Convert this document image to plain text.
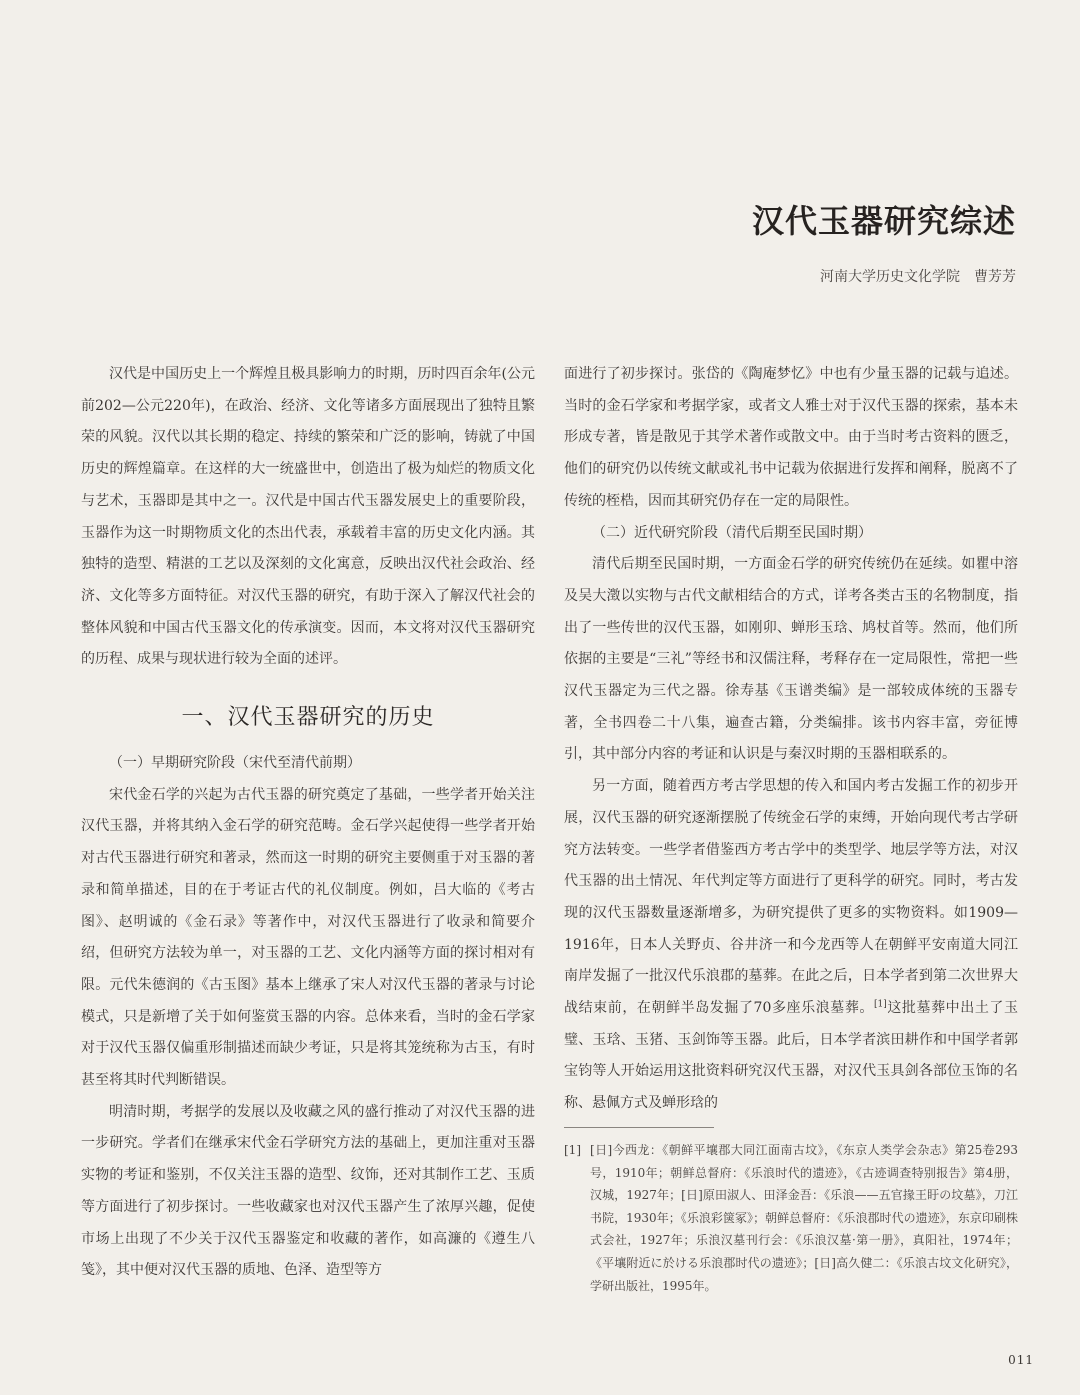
汉代玉器研究综述
河南大学历史文化学院 曹芳芳

汉代是中国历史上一个辉煌且极具影响力的时期，历时四百余年(公元前202—公元220年)，在政治、经济、文化等诸多方面展现出了独特且繁荣的风貌。汉代以其长期的稳定、持续的繁荣和广泛的影响，铸就了中国历史的辉煌篇章。在这样的大一统盛世中，创造出了极为灿烂的物质文化与艺术，玉器即是其中之一。汉代是中国古代玉器发展史上的重要阶段，玉器作为这一时期物质文化的杰出代表，承载着丰富的历史文化内涵。其独特的造型、精湛的工艺以及深刻的文化寓意，反映出汉代社会政治、经济、文化等多方面特征。对汉代玉器的研究，有助于深入了解汉代社会的整体风貌和中国古代玉器文化的传承演变。因而，本文将对汉代玉器研究的历程、成果与现状进行较为全面的述评。

一、汉代玉器研究的历史

（一）早期研究阶段（宋代至清代前期）

宋代金石学的兴起为古代玉器的研究奠定了基础，一些学者开始关注汉代玉器，并将其纳入金石学的研究范畴。金石学兴起使得一些学者开始对古代玉器进行研究和著录，然而这一时期的研究主要侧重于对玉器的著录和简单描述，目的在于考证古代的礼仪制度。例如，吕大临的《考古图》、赵明诚的《金石录》等著作中，对汉代玉器进行了收录和简要介绍，但研究方法较为单一，对玉器的工艺、文化内涵等方面的探讨相对有限。元代朱德润的《古玉图》基本上继承了宋人对汉代玉器的著录与讨论模式，只是新增了关于如何鉴赏玉器的内容。总体来看，当时的金石学家对于汉代玉器仅偏重形制描述而缺少考证，只是将其笼统称为古玉，有时甚至将其时代判断错误。

明清时期，考据学的发展以及收藏之风的盛行推动了对汉代玉器的进一步研究。学者们在继承宋代金石学研究方法的基础上，更加注重对玉器实物的考证和鉴别，不仅关注玉器的造型、纹饰，还对其制作工艺、玉质等方面进行了初步探讨。一些收藏家也对汉代玉器产生了浓厚兴趣，促使市场上出现了不少关于汉代玉器鉴定和收藏的著作，如高濂的《遵生八笺》，其中便对汉代玉器的质地、色泽、造型等方

面进行了初步探讨。张岱的《陶庵梦忆》中也有少量玉器的记载与追述。当时的金石学家和考据学家，或者文人雅士对于汉代玉器的探索，基本未形成专著，皆是散见于其学术著作或散文中。由于当时考古资料的匮乏，他们的研究仍以传统文献或礼书中记载为依据进行发挥和阐释，脱离不了传统的桎梏，因而其研究仍存在一定的局限性。

（二）近代研究阶段（清代后期至民国时期）

清代后期至民国时期，一方面金石学的研究传统仍在延续。如瞿中溶及吴大澂以实物与古代文献相结合的方式，详考各类古玉的名物制度，指出了一些传世的汉代玉器，如刚卯、蝉形玉琀、鸠杖首等。然而，他们所依据的主要是“三礼”等经书和汉儒注释，考释存在一定局限性，常把一些汉代玉器定为三代之器。徐寿基《玉谱类编》是一部较成体统的玉器专著，全书四卷二十八集，遍查古籍，分类编排。该书内容丰富，旁征博引，其中部分内容的考证和认识是与秦汉时期的玉器相联系的。

另一方面，随着西方考古学思想的传入和国内考古发掘工作的初步开展，汉代玉器的研究逐渐摆脱了传统金石学的束缚，开始向现代考古学研究方法转变。一些学者借鉴西方考古学中的类型学、地层学等方法，对汉代玉器的出土情况、年代判定等方面进行了更科学的研究。同时，考古发现的汉代玉器数量逐渐增多，为研究提供了更多的实物资料。如1909—1916年，日本人关野贞、谷井济一和今龙西等人在朝鲜平安南道大同江南岸发掘了一批汉代乐浪郡的墓葬。在此之后，日本学者到第二次世界大战结束前，在朝鲜半岛发掘了70多座乐浪墓葬。[1]这批墓葬中出土了玉璧、玉琀、玉猪、玉剑饰等玉器。此后，日本学者滨田耕作和中国学者郭宝钧等人开始运用这批资料研究汉代玉器，对汉代玉具剑各部位玉饰的名称、悬佩方式及蝉形琀的

[1] [日]今西龙：《朝鲜平壤郡大同江面南古坟》，《东京人类学会杂志》第25卷293号，1910年；朝鲜总督府：《乐浪时代的遗迹》，《古迹调查特别报告》第4册，汉城，1927年；[日]原田淑人、田泽金吾：《乐浪——五官掾王盱の坟墓》，刀江书院，1930年；《乐浪彩箧冢》；朝鲜总督府：《乐浪郡时代の遗迹》，东京印刷株式会社，1927年；乐浪汉墓刊行会：《乐浪汉墓·第一册》，真阳社，1974年；《平壤附近に於ける乐浪郡时代の遗迹》；[日]高久健二：《乐浪古坟文化研究》，学研出版社，1995年。
011
